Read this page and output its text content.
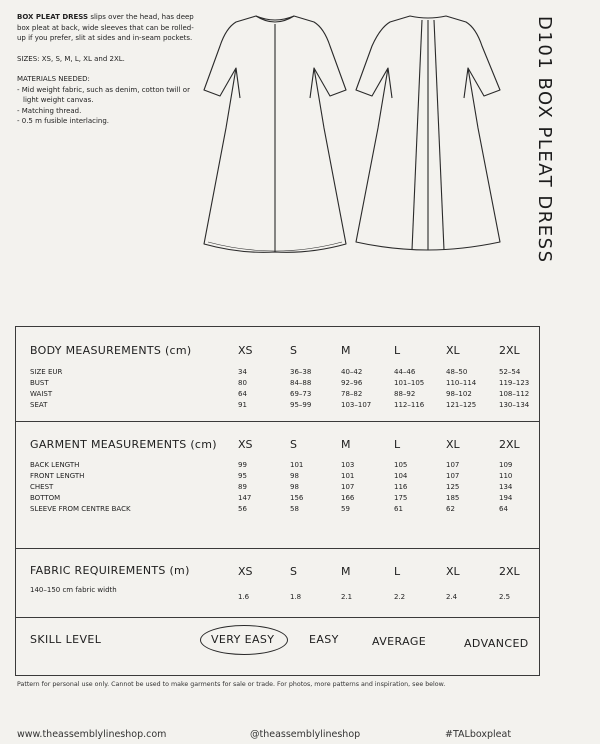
BOX PLEAT DRESS slips over the head, has deep box pleat at back, wide sleeves that can be rolled-up if you prefer, slit at sides and in-seam pockets.

SIZES: XS, S, M, L, XL and 2XL.

MATERIALS NEEDED:

- Mid weight fabric, such as denim, cotton twill or light weight canvas.
- Matching thread.
- 0.5 m fusible interlacing.	D101 BOX PLEAT DRESS
BODY MEASUREMENTS (cm)	XS	S	M	L	XL	2XL
SIZE EUR	34	36–38	40–42	44–46	48–50	52–54
BUST	80	84–88	92–96	101–105	110–114	119–123
WAIST	64	69–73	78–82	88–92	98–102	108–112
SEAT	91	95–99	103–107	112–116	121–125	130–134
GARMENT MEASUREMENTS (cm) XS	S	M	L	XL	2XL
BACK LENGTH	99	101	103	105	107	109
FRONT LENGTH	95	98	101	104	107	110
CHEST	89	98	107	116	125	134
BOTTOM	147	156	166	175	185	194
SLEEVE FROM CENTRE BACK	56	58	59	61	62	64
FABRIC REQUIREMENTS (m)	XS	S	M	L	XL	2XL
140–150 cm fabric width
1.6	1.8	2.1	2.2	2.4	2.5
SKILL LEVEL	VERY EASY	EASY	AVERAGE	ADVANCED
Pattern for personal use only. Cannot be used to make garments for sale or trade. For photos, more patterns and inspiration, see below.
www.theassemblylineshop.com	@theassemblylineshop	#TALboxpleat
